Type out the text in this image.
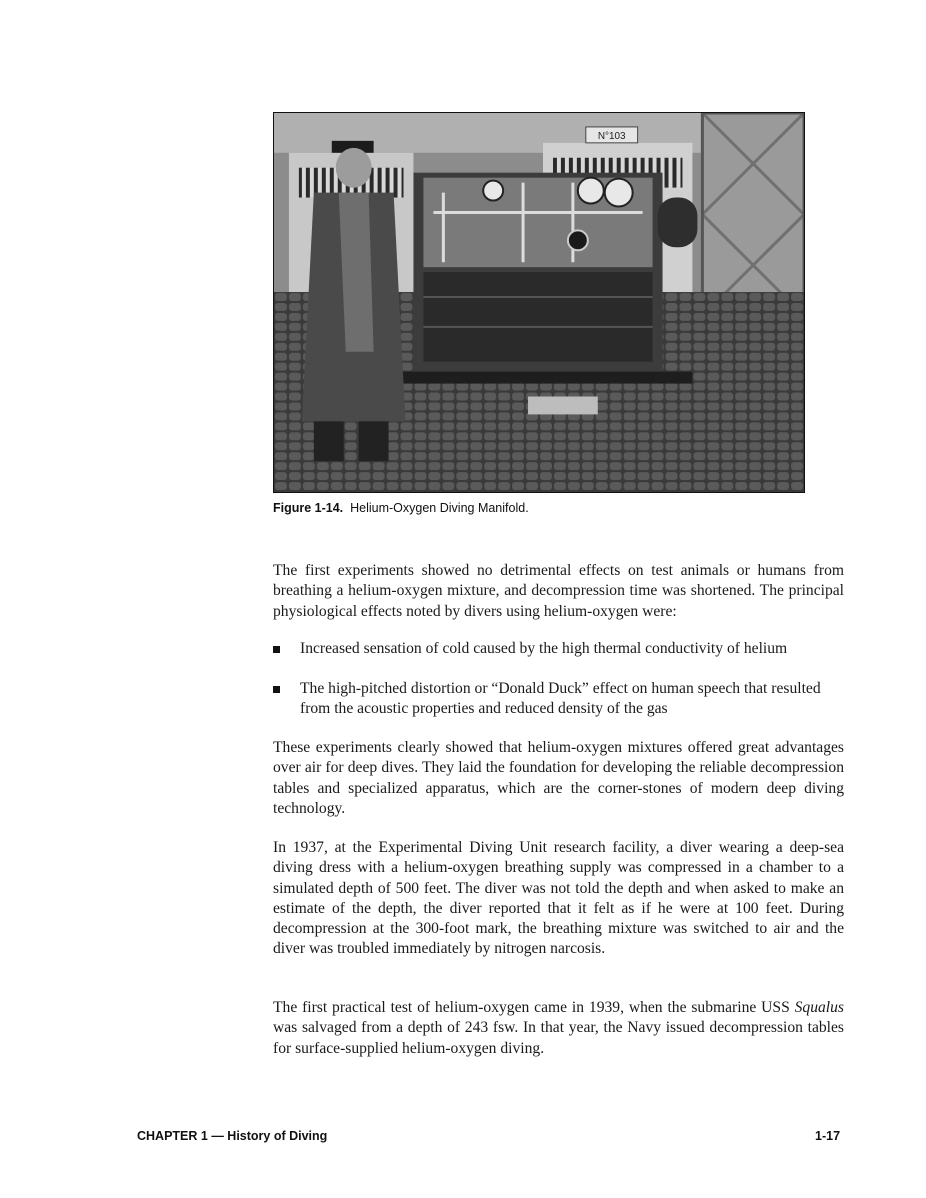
N°103
Figure 1-14. Helium-Oxygen Diving Manifold.

The first experiments showed no detrimental effects on test animals or humans from breathing a helium-oxygen mixture, and decompression time was shortened. The principal physiological effects noted by divers using helium-oxygen were:

Increased sensation of cold caused by the high thermal conductivity of helium
The high-pitched distortion or “Donald Duck” effect on human speech that resulted from the acoustic properties and reduced density of the gas

These experiments clearly showed that helium-oxygen mixtures offered great advantages over air for deep dives. They laid the foundation for developing the reliable decompression tables and specialized apparatus, which are the corner-stones of modern deep diving technology.

In 1937, at the Experimental Diving Unit research facility, a diver wearing a deep-sea diving dress with a helium-oxygen breathing supply was compressed in a chamber to a simulated depth of 500 feet. The diver was not told the depth and when asked to make an estimate of the depth, the diver reported that it felt as if he were at 100 feet. During decompression at the 300-foot mark, the breathing mixture was switched to air and the diver was troubled immediately by nitrogen narcosis.

The first practical test of helium-oxygen came in 1939, when the submarine USS Squalus was salvaged from a depth of 243 fsw. In that year, the Navy issued decompression tables for surface-supplied helium-oxygen diving.

CHAPTER 1 — History of Diving	1-17
